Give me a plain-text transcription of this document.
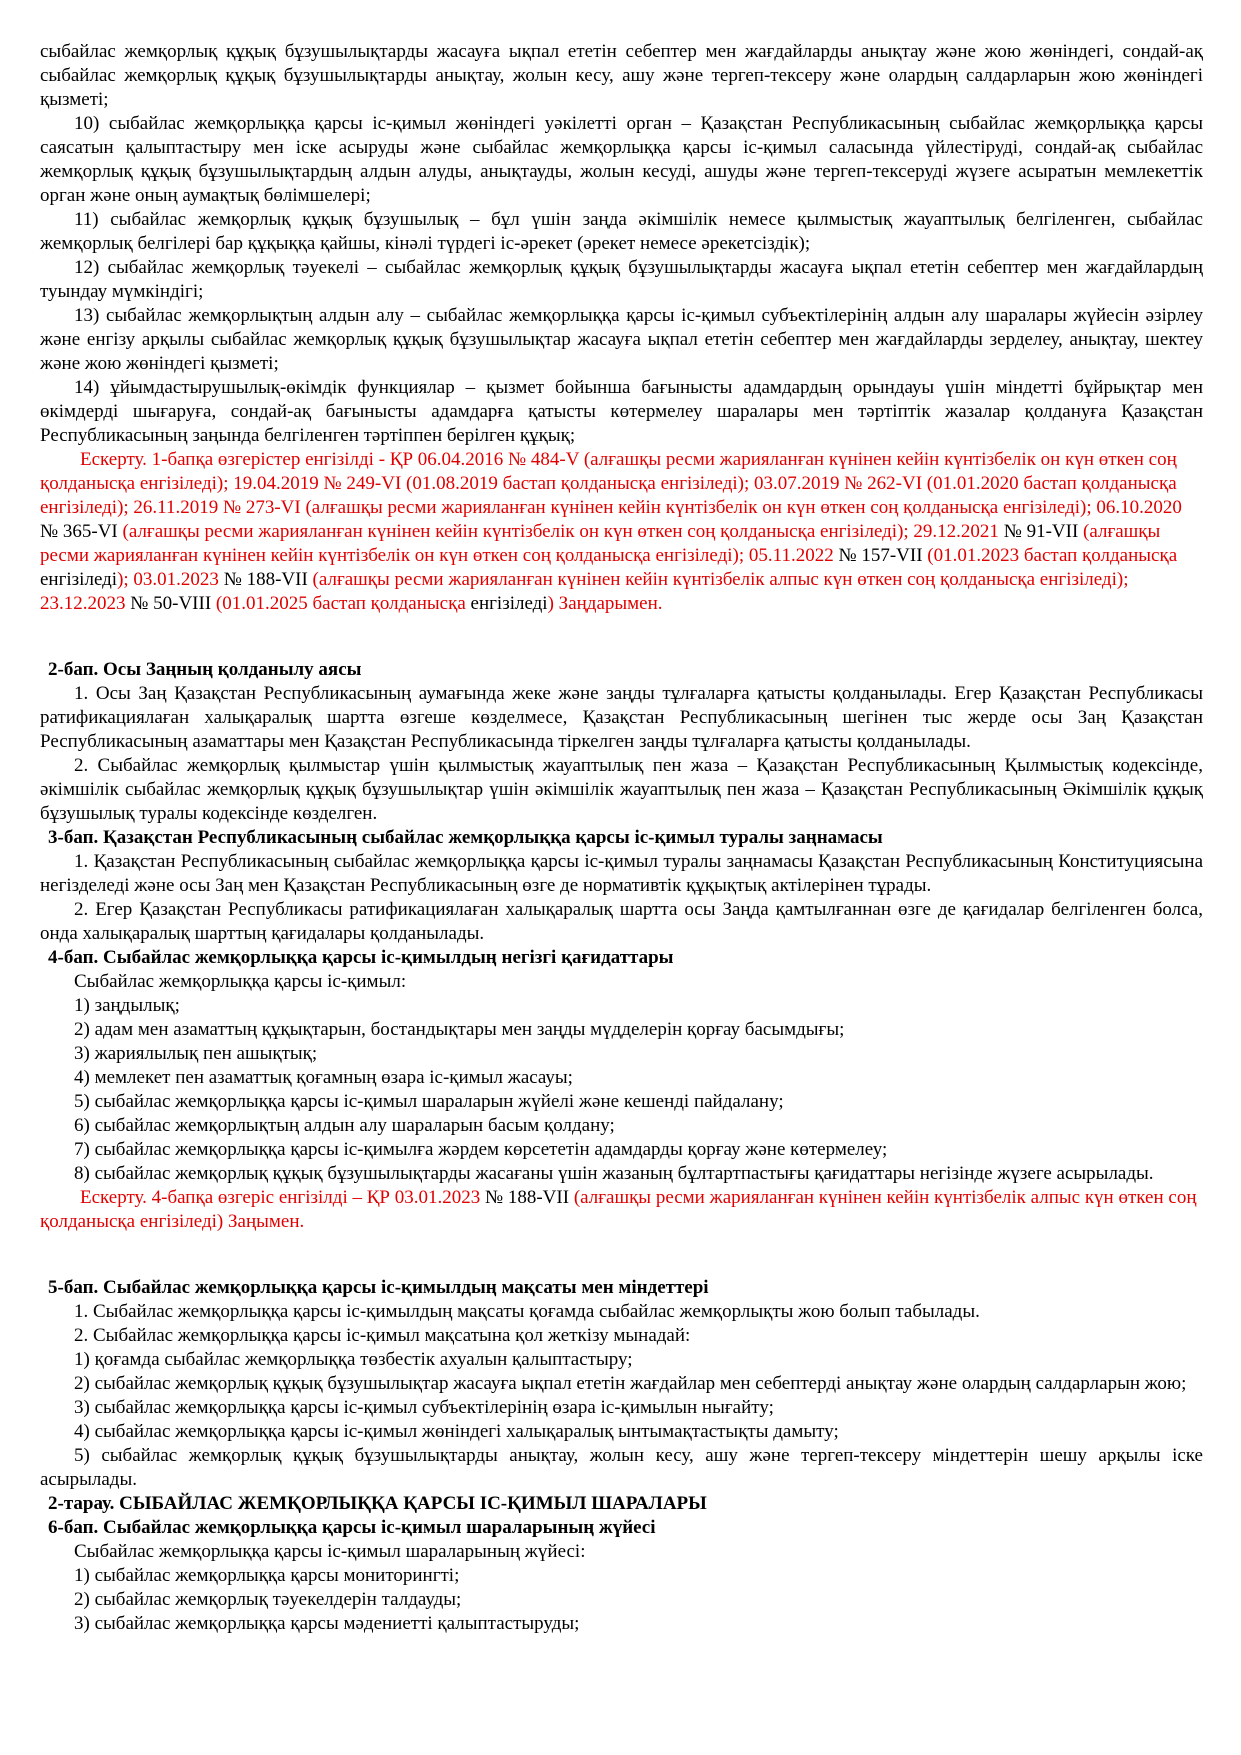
сыбайлас жемқорлық құқық бұзушылықтарды жасауға ықпал ететін себептер мен жағдайларды анықтау және жою жөніндегі, сондай-ақ сыбайлас жемқорлық құқық бұзушылықтарды анықтау, жолын кесу, ашу және тергеп-тексеру және олардың салдарларын жою жөніндегі қызметі;
10) сыбайлас жемқорлыққа қарсы іс-қимыл жөніндегі уәкілетті орган – Қазақстан Республикасының сыбайлас жемқорлыққа қарсы саясатын қалыптастыру мен іске асыруды және сыбайлас жемқорлыққа қарсы іс-қимыл саласында үйлестіруді, сондай-ақ сыбайлас жемқорлық құқық бұзушылықтардың алдын алуды, анықтауды, жолын кесуді, ашуды және тергеп-тексеруді жүзеге асыратын мемлекеттік орган және оның аумақтық бөлімшелері;
11) сыбайлас жемқорлық құқық бұзушылық – бұл үшін заңда әкімшілік немесе қылмыстық жауаптылық белгіленген, сыбайлас жемқорлық белгілері бар құқыққа қайшы, кінәлі түрдегі іс-әрекет (әрекет немесе әрекетсіздік);
12) сыбайлас жемқорлық тәуекелі – сыбайлас жемқорлық құқық бұзушылықтарды жасауға ықпал ететін себептер мен жағдайлардың туындау мүмкіндігі;
13) сыбайлас жемқорлықтың алдын алу – сыбайлас жемқорлыққа қарсы іс-қимыл субъектілерінің алдын алу шаралары жүйесін әзірлеу және енгізу арқылы сыбайлас жемқорлық құқық бұзушылықтар жасауға ықпал ететін себептер мен жағдайларды зерделеу, анықтау, шектеу және жою жөніндегі қызметі;
14) ұйымдастырушылық-өкімдік функциялар – қызмет бойынша бағынысты адамдардың орындауы үшін міндетті бұйрықтар мен өкімдерді шығаруға, сондай-ақ бағынысты адамдарға қатысты көтермелеу шаралары мен тәртіптік жазалар қолдануға Қазақстан Республикасының заңында белгіленген тәртіппен берілген құқық;
Ескерту. 1-бапқа өзгерістер енгізілді - ҚР 06.04.2016 № 484-V (алғашқы ресми жарияланған күнінен кейін күнтізбелік он күн өткен соң қолданысқа енгізіледі); 19.04.2019 № 249-VI (01.08.2019 бастап қолданысқа енгізіледі); 03.07.2019 № 262-VI (01.01.2020 бастап қолданысқа енгізіледі); 26.11.2019 № 273-VI (алғашқы ресми жарияланған күнінен кейін күнтізбелік он күн өткен соң қолданысқа енгізіледі); 06.10.2020 № 365-VI (алғашқы ресми жарияланған күнінен кейін күнтізбелік он күн өткен соң қолданысқа енгізіледі); 29.12.2021 № 91-VII (алғашқы ресми жарияланған күнінен кейін күнтізбелік он күн өткен соң қолданысқа енгізіледі); 05.11.2022 № 157-VII (01.01.2023 бастап қолданысқа енгізіледі); 03.01.2023 № 188-VII (алғашқы ресми жарияланған күнінен кейін күнтізбелік алпыс күн өткен соң қолданысқа енгізіледі); 23.12.2023 № 50-VIII (01.01.2025 бастап қолданысқа енгізіледі) Заңдарымен.
2-бап. Осы Заңның қолданылу аясы
1. Осы Заң Қазақстан Республикасының аумағында жеке және заңды тұлғаларға қатысты қолданылады. Егер Қазақстан Республикасы ратификациялаған халықаралық шартта өзгеше көзделмесе, Қазақстан Республикасының шегінен тыс жерде осы Заң Қазақстан Республикасының азаматтары мен Қазақстан Республикасында тіркелген заңды тұлғаларға қатысты қолданылады.
2. Сыбайлас жемқорлық қылмыстар үшін қылмыстық жауаптылық пен жаза – Қазақстан Республикасының Қылмыстық кодексінде, әкімшілік сыбайлас жемқорлық құқық бұзушылықтар үшін әкімшілік жауаптылық пен жаза – Қазақстан Республикасының Әкімшілік құқық бұзушылық туралы кодексінде көзделген.
3-бап. Қазақстан Республикасының сыбайлас жемқорлыққа қарсы іс-қимыл туралы заңнамасы
1. Қазақстан Республикасының сыбайлас жемқорлыққа қарсы іс-қимыл туралы заңнамасы Қазақстан Республикасының Конституциясына негізделеді және осы Заң мен Қазақстан Республикасының өзге де нормативтік құқықтық актілерінен тұрады.
2. Егер Қазақстан Республикасы ратификациялаған халықаралық шартта осы Заңда қамтылғаннан өзге де қағидалар белгіленген болса, онда халықаралық шарттың қағидалары қолданылады.
4-бап. Сыбайлас жемқорлыққа қарсы іс-қимылдың негізгі қағидаттары
Сыбайлас жемқорлыққа қарсы іс-қимыл:
1) заңдылық;
2) адам мен азаматтың құқықтарын, бостандықтары мен заңды мүдделерін қорғау басымдығы;
3) жариялылық пен ашықтық;
4) мемлекет пен азаматтық қоғамның өзара іс-қимыл жасауы;
5) сыбайлас жемқорлыққа қарсы іс-қимыл шараларын жүйелі және кешенді пайдалану;
6) сыбайлас жемқорлықтың алдын алу шараларын басым қолдану;
7) сыбайлас жемқорлыққа қарсы іс-қимылға жәрдем көрсететін адамдарды қорғау және көтермелеу;
8) сыбайлас жемқорлық құқық бұзушылықтарды жасағаны үшін жазаның бұлтартпастығы қағидаттары негізінде жүзеге асырылады.
Ескерту. 4-бапқа өзгеріс енгізілді – ҚР 03.01.2023 № 188-VII (алғашқы ресми жарияланған күнінен кейін күнтізбелік алпыс күн өткен соң қолданысқа енгізіледі) Заңымен.
5-бап. Сыбайлас жемқорлыққа қарсы іс-қимылдың мақсаты мен міндеттері
1. Сыбайлас жемқорлыққа қарсы іс-қимылдың мақсаты қоғамда сыбайлас жемқорлықты жою болып табылады.
2. Сыбайлас жемқорлыққа қарсы іс-қимыл мақсатына қол жеткізу мынадай:
1) қоғамда сыбайлас жемқорлыққа төзбестік ахуалын қалыптастыру;
2) сыбайлас жемқорлық құқық бұзушылықтар жасауға ықпал ететін жағдайлар мен себептерді анықтау және олардың салдарларын жою;
3) сыбайлас жемқорлыққа қарсы іс-қимыл субъектілерінің өзара іс-қимылын нығайту;
4) сыбайлас жемқорлыққа қарсы іс-қимыл жөніндегі халықаралық ынтымақтастықты дамыту;
5) сыбайлас жемқорлық құқық бұзушылықтарды анықтау, жолын кесу, ашу және тергеп-тексеру міндеттерін шешу арқылы іске асырылады.
2-тарау. СЫБАЙЛАС ЖЕМҚОРЛЫҚҚА ҚАРСЫ ІС-ҚИМЫЛ ШАРАЛАРЫ
6-бап. Сыбайлас жемқорлыққа қарсы іс-қимыл шараларының жүйесі
Сыбайлас жемқорлыққа қарсы іс-қимыл шараларының жүйесі:
1) сыбайлас жемқорлыққа қарсы мониторингті;
2) сыбайлас жемқорлық тәуекелдерін талдауды;
3) сыбайлас жемқорлыққа қарсы мәдениетті қалыптастыруды;
